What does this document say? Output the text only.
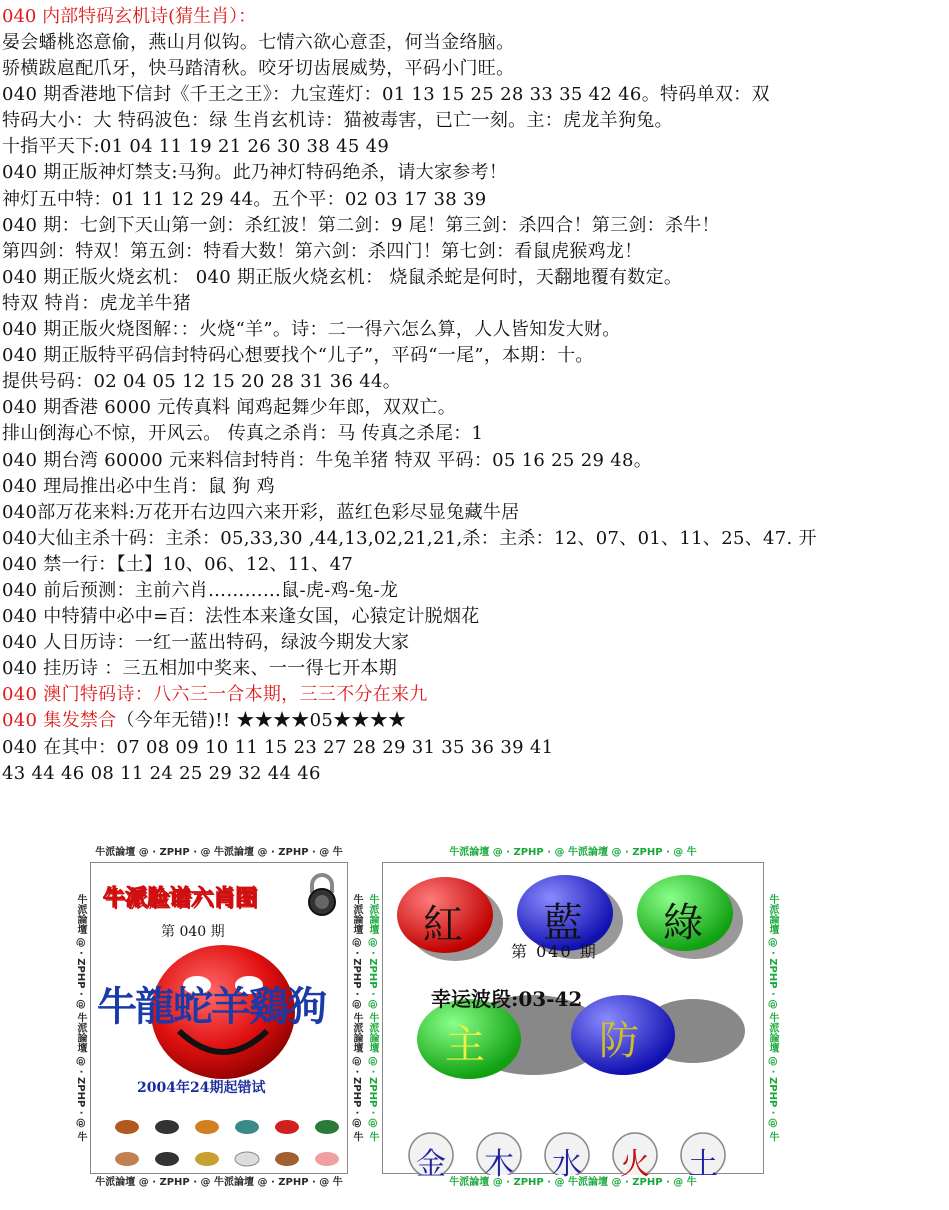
040 内部特码玄机诗(猜生肖）：
晏会蟠桃恣意偷，燕山月似钩。七情六欲心意歪，何当金络脑。
骄横跋扈配爪牙，快马踏清秋。咬牙切齿展威势，平码小门旺。
040 期香港地下信封《千王之王》：九宝莲灯：01 13 15 25 28 33 35 42 46。特码单双：双
特码大小：大 特码波色：绿 生肖玄机诗：猫被毒害，已亡一刻。主：虎龙羊狗兔。
十指平天下:01 04 11 19 21 26 30 38 45 49
040 期正版神灯禁支:马狗。此乃神灯特码绝杀，请大家参考！
神灯五中特：01 11 12 29 44。五个平：02 03 17 38 39
040 期：七剑下天山第一剑：杀红波！第二剑：9 尾！第三剑：杀四合！第三剑：杀牛！
第四剑：特双！第五剑：特看大数！第六剑：杀四门！第七剑：看鼠虎猴鸡龙！
040 期正版火烧玄机： 040 期正版火烧玄机： 烧鼠杀蛇是何时，天翻地覆有数定。
特双 特肖：虎龙羊牛猪
040 期正版火烧图解：：火烧“羊”。诗：二一得六怎么算，人人皆知发大财。
040 期正版特平码信封特码心想要找个“儿子”，平码“一尾”，本期：十。
提供号码：02 04 05 12 15 20 28 31 36 44。
040 期香港 6000 元传真料 闻鸡起舞少年郎，双双亡。
排山倒海心不惊，开风云。 传真之杀肖：马 传真之杀尾：1
040 期台湾 60000 元来料信封特肖：牛兔羊猪 特双 平码：05 16 25 29 48。
040 理局推出必中生肖：鼠 狗 鸡
040部万花来料:万花开右边四六来开彩，蓝红色彩尽显兔藏牛居
040大仙主杀十码：主杀：05,33,30 ,44,13,02,21,21,杀：主杀：12、07、01、11、25、47. 开
040 禁一行：【土】10、06、12、11、47
040 前后预测：主前六肖…………鼠-虎-鸡-兔-龙
040 中特猜中必中=百：法性本来逢女国，心猿定计脱烟花
040 人日历诗：一红一蓝出特码，绿波今期发大家
040 挂历诗 ：三五相加中奖来、一一得七开本期
040 澳门特码诗：八六三一合本期，三三不分在来九
040 集发禁合（今年无错)!! ★★★★05★★★★
040 在其中：07 08 09 10 11 15 23 27 28 29 31 35 36 39 41
43 44 46 08 11 24 25 29 32 44 46
牛派論壇 @ · ZPHP · @ 牛派論壇 @ · ZPHP · @ 牛
牛派論壇 @ · ZPHP · @ 牛派論壇 @ · ZPHP · @ 牛
牛派論壇 @ · ZPHP · @ 牛派論壇 @ · ZPHP · @ 牛	牛派論壇 @ · ZPHP · @ 牛派論壇 @ · ZPHP · @ 牛
牛派脸谱六肖图
第 040 期
牛龍蛇羊鷄狗
2004年24期起错试
牛派論壇 @ · ZPHP · @ 牛派論壇 @ · ZPHP · @ 牛
牛派論壇 @ · ZPHP · @ 牛派論壇 @ · ZPHP · @ 牛
牛派論壇 @ · ZPHP · @ 牛派論壇 @ · ZPHP · @ 牛	牛派論壇 @ · ZPHP · @ 牛派論壇 @ · ZPHP · @ 牛
紅 藍 綠
第 040 期
幸运波段:03-42
主	防
金 木 水 火 土
